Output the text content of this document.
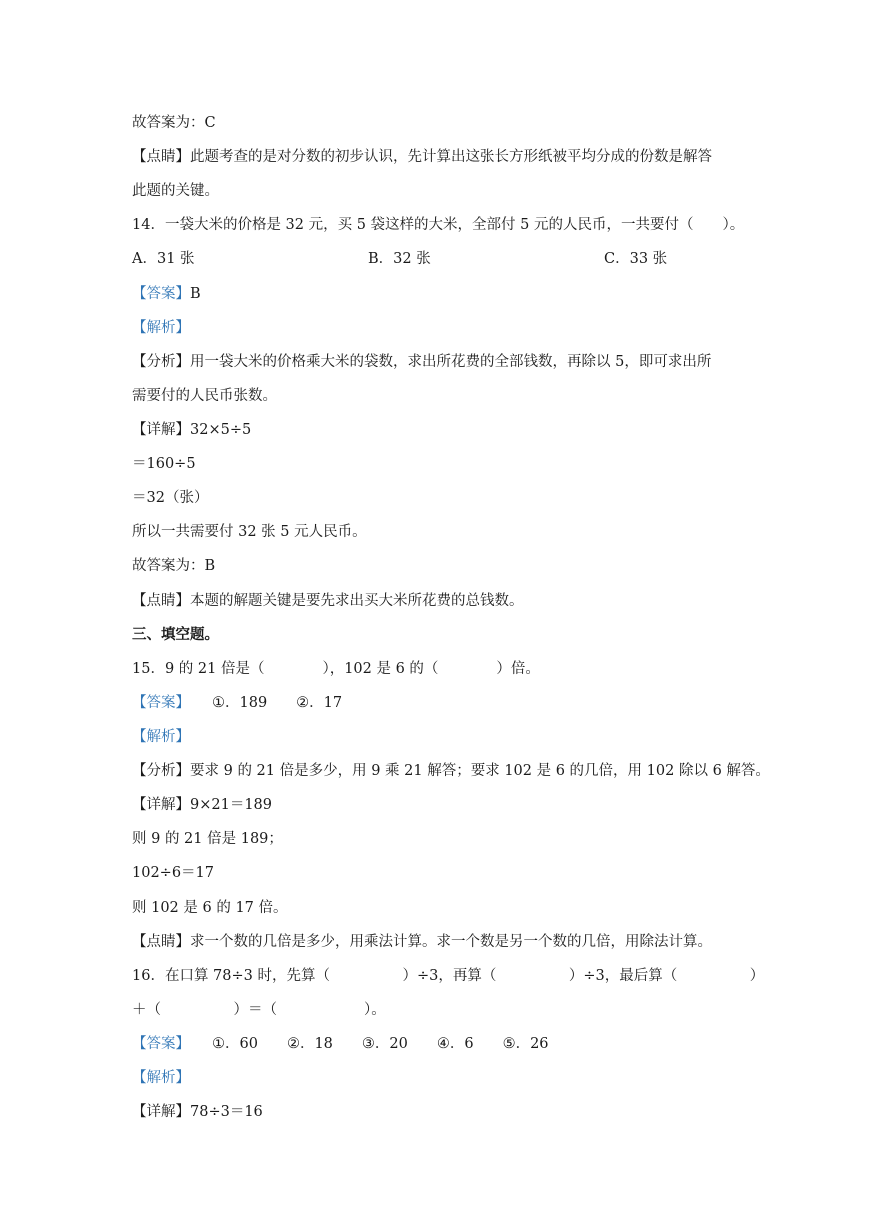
故答案为：C
【点睛】此题考查的是对分数的初步认识，先计算出这张长方形纸被平均分成的份数是解答
此题的关键。
14．一袋大米的价格是 32 元，买 5 袋这样的大米，全部付 5 元的人民币，一共要付（　　）。
A．31 张	B．32 张	C．33 张
【答案】B
【解析】
【分析】用一袋大米的价格乘大米的袋数，求出所花费的全部钱数，再除以 5，即可求出所
需要付的人民币张数。
【详解】32×5÷5
＝160÷5
＝32（张）
所以一共需要付 32 张 5 元人民币。
故答案为：B
【点睛】本题的解题关键是要先求出买大米所花费的总钱数。
三、填空题。
15．9 的 21 倍是（　　　　），102 是 6 的（　　　　）倍。
【答案】 ①．189　　②．17
【解析】
【分析】要求 9 的 21 倍是多少，用 9 乘 21 解答；要求 102 是 6 的几倍，用 102 除以 6 解答。
【详解】9×21＝189
则 9 的 21 倍是 189；
102÷6＝17
则 102 是 6 的 17 倍。
【点睛】求一个数的几倍是多少，用乘法计算。求一个数是另一个数的几倍，用除法计算。
16．在口算 78÷3 时，先算（　　　　　）÷3，再算（　　　　　）÷3，最后算（　　　　　）
＋（　　　　　）＝（　　　　　　）。
【答案】 ①．60　　②．18　　③．20　　④．6　　⑤．26
【解析】
【详解】78÷3＝16
